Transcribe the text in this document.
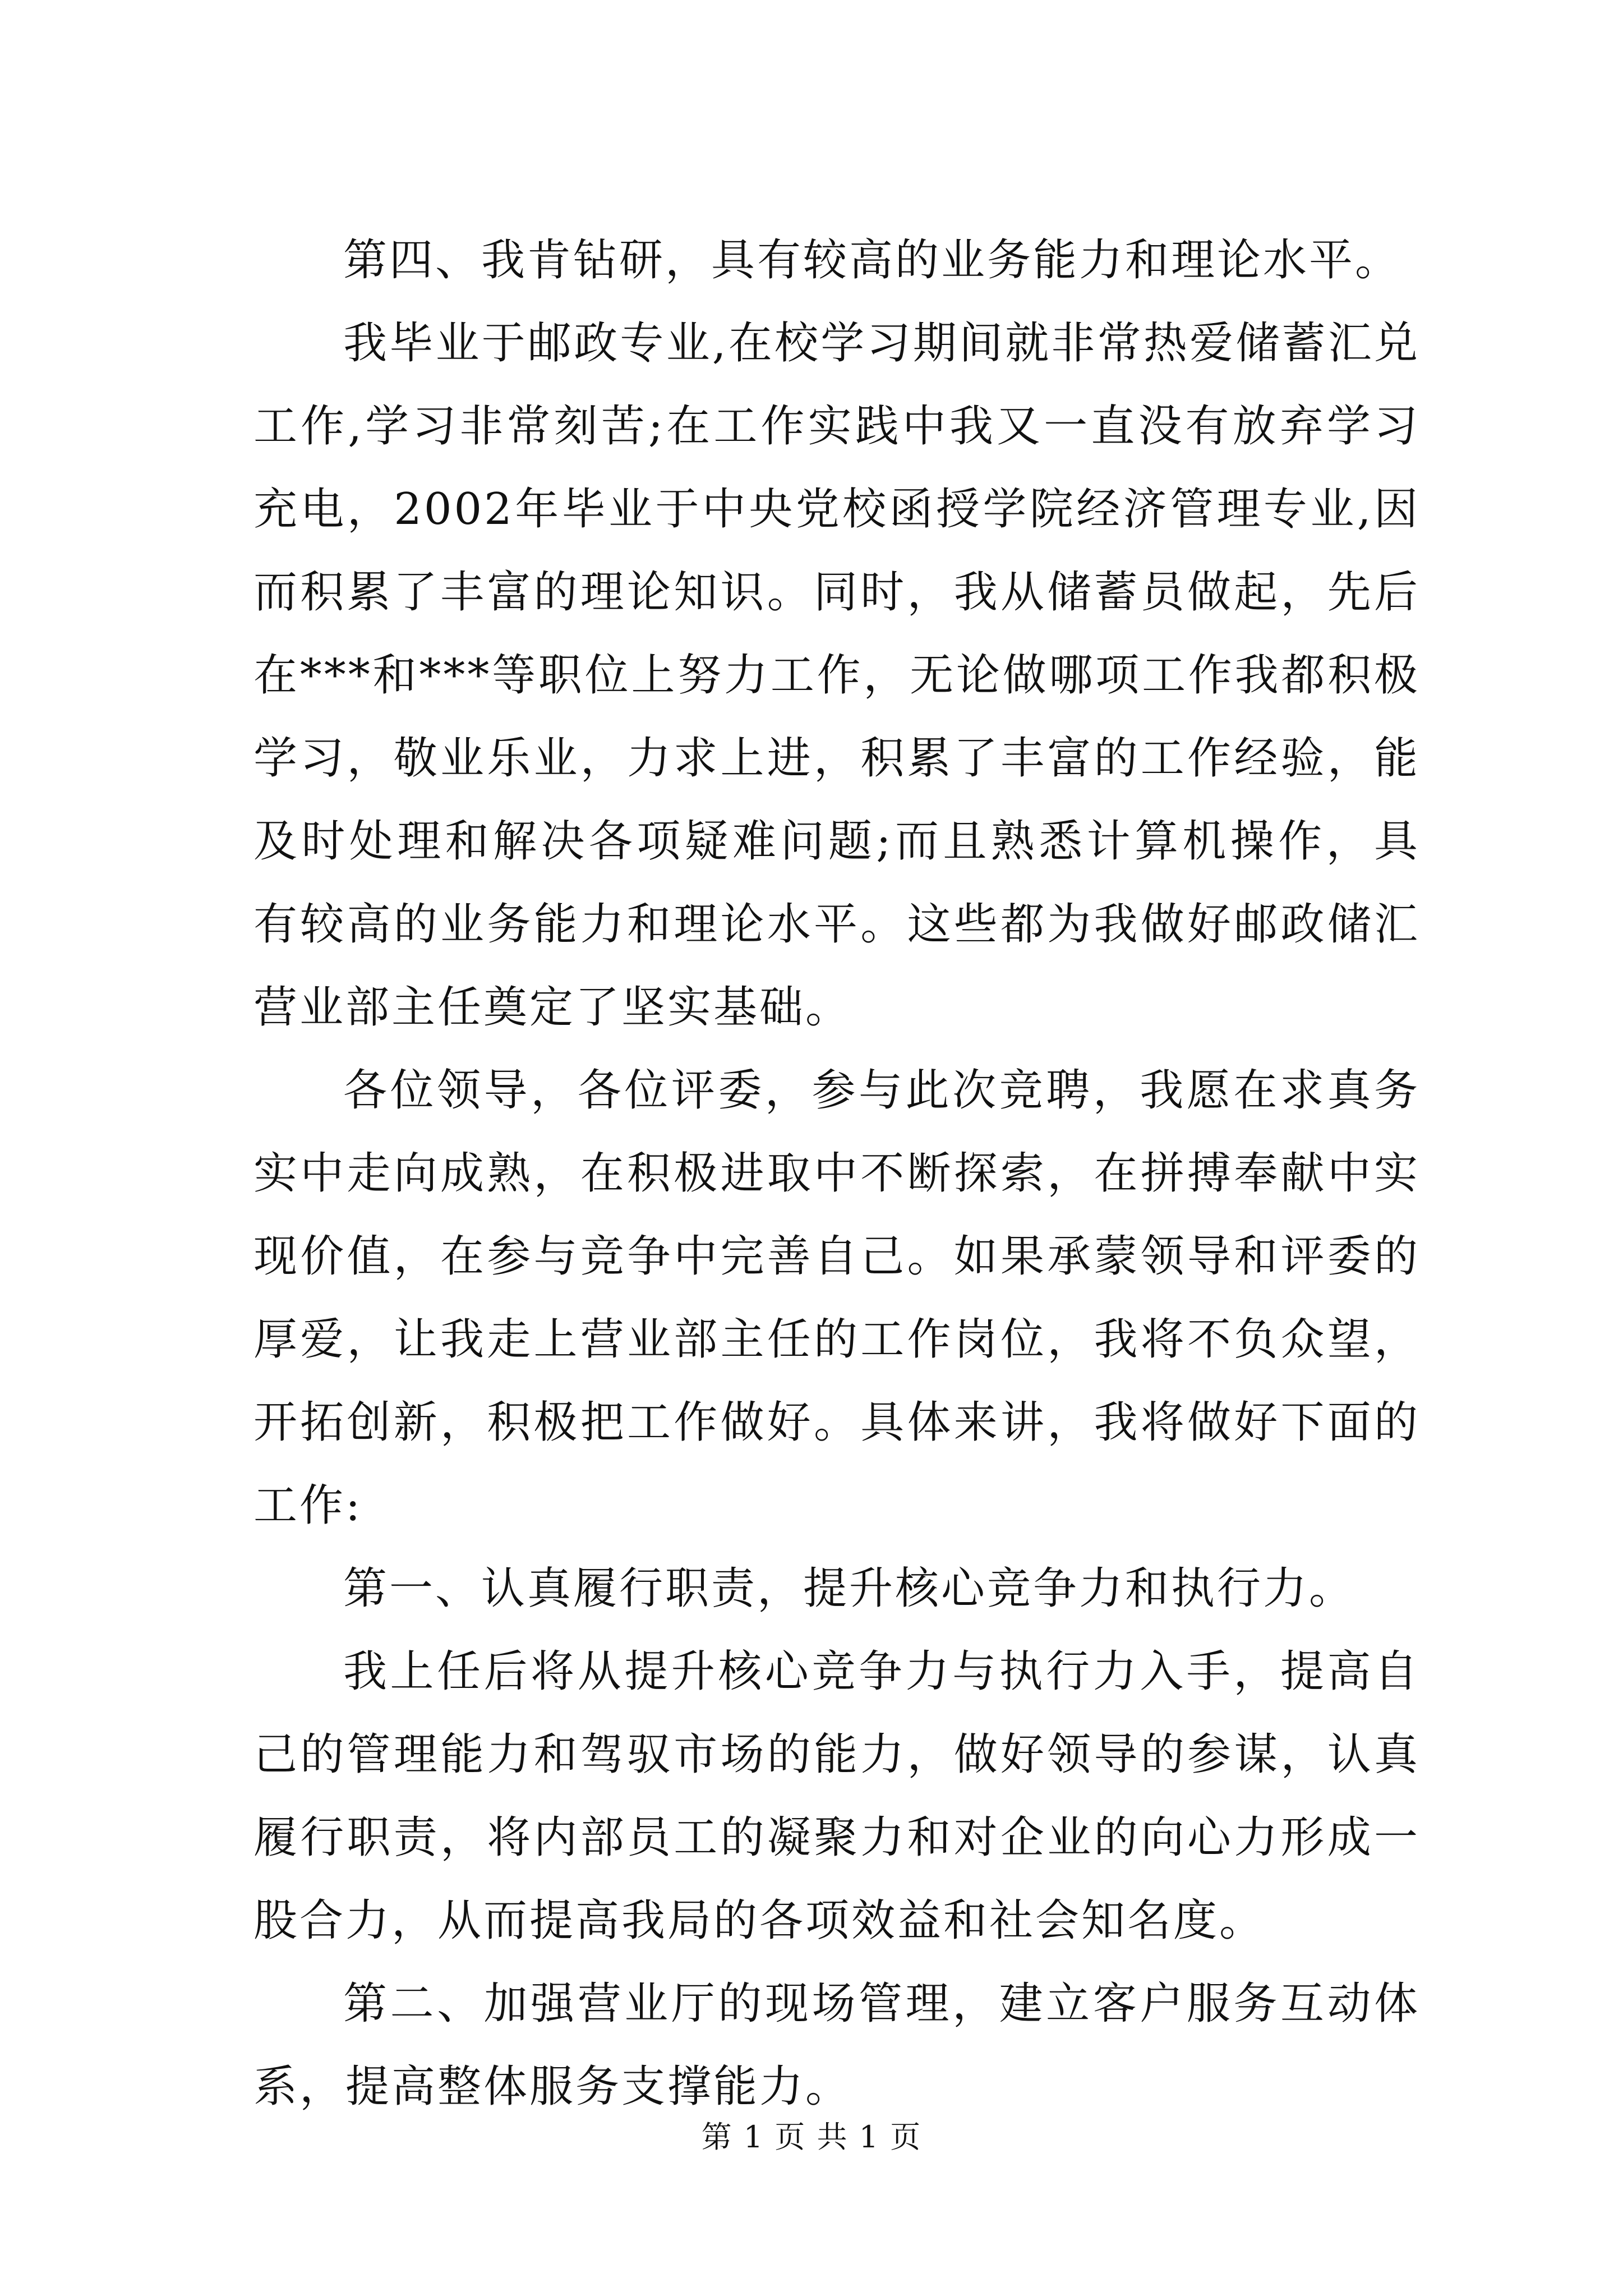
第四、我肯钻研，具有较高的业务能力和理论水平。

我毕业于邮政专业,在校学习期间就非常热爱储蓄汇兑工作,学习非常刻苦;在工作实践中我又一直没有放弃学习充电，2002年毕业于中央党校函授学院经济管理专业,因而积累了丰富的理论知识。同时，我从储蓄员做起，先后在***和***等职位上努力工作，无论做哪项工作我都积极学习，敬业乐业，力求上进，积累了丰富的工作经验，能及时处理和解决各项疑难问题;而且熟悉计算机操作，具有较高的业务能力和理论水平。这些都为我做好邮政储汇营业部主任奠定了坚实基础。

各位领导，各位评委，参与此次竞聘，我愿在求真务实中走向成熟，在积极进取中不断探索，在拼搏奉献中实现价值，在参与竞争中完善自己。如果承蒙领导和评委的厚爱，让我走上营业部主任的工作岗位，我将不负众望，开拓创新，积极把工作做好。具体来讲，我将做好下面的工作:

第一、认真履行职责，提升核心竞争力和执行力。

我上任后将从提升核心竞争力与执行力入手，提高自己的管理能力和驾驭市场的能力，做好领导的参谋，认真履行职责，将内部员工的凝聚力和对企业的向心力形成一股合力，从而提高我局的各项效益和社会知名度。

第二、加强营业厅的现场管理，建立客户服务互动体系，提高整体服务支撑能力。

第 1 页 共 1 页
